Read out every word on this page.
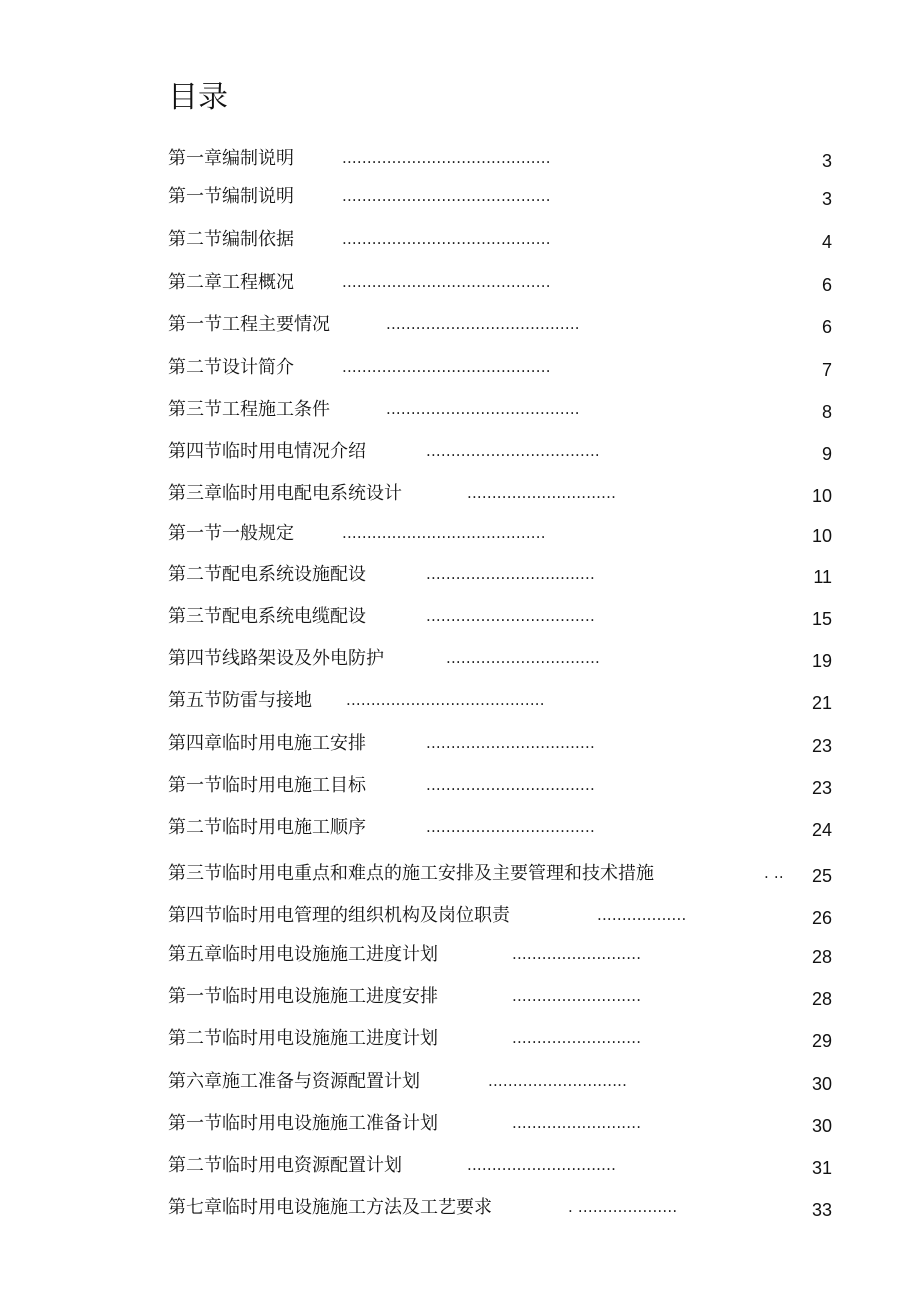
目录
第一章编制说明	..........................................	3
第一节编制说明	..........................................	3
第二节编制依据	..........................................	4
第二章工程概况	..........................................	6
第一节工程主要情况	.......................................	6
第二节设计简介	..........................................	7
第三节工程施工条件	.......................................	8
第四节临时用电情况介绍	...................................	9
第三章临时用电配电系统设计	..............................	10
第一节一般规定	.........................................	10
第二节配电系统设施配设	..................................	11
第三节配电系统电缆配设	..................................	15
第四节线路架设及外电防护	...............................	19
第五节防雷与接地 ........................................	21
第四章临时用电施工安排	..................................	23
第一节临时用电施工目标	..................................	23
第二节临时用电施工顺序	..................................	24
第三节临时用电重点和难点的施工安排及主要管理和技术措施	. .. 25
第四节临时用电管理的组织机构及岗位职责	..................	26
第五章临时用电设施施工进度计划	..........................	28
第一节临时用电设施施工进度安排	..........................	28
第二节临时用电设施施工进度计划	..........................	29
第六章施工准备与资源配置计划	............................	30
第一节临时用电设施施工准备计划	..........................	30
第二节临时用电资源配置计划	..............................	31
第七章临时用电设施施工方法及工艺要求	. ....................	33
